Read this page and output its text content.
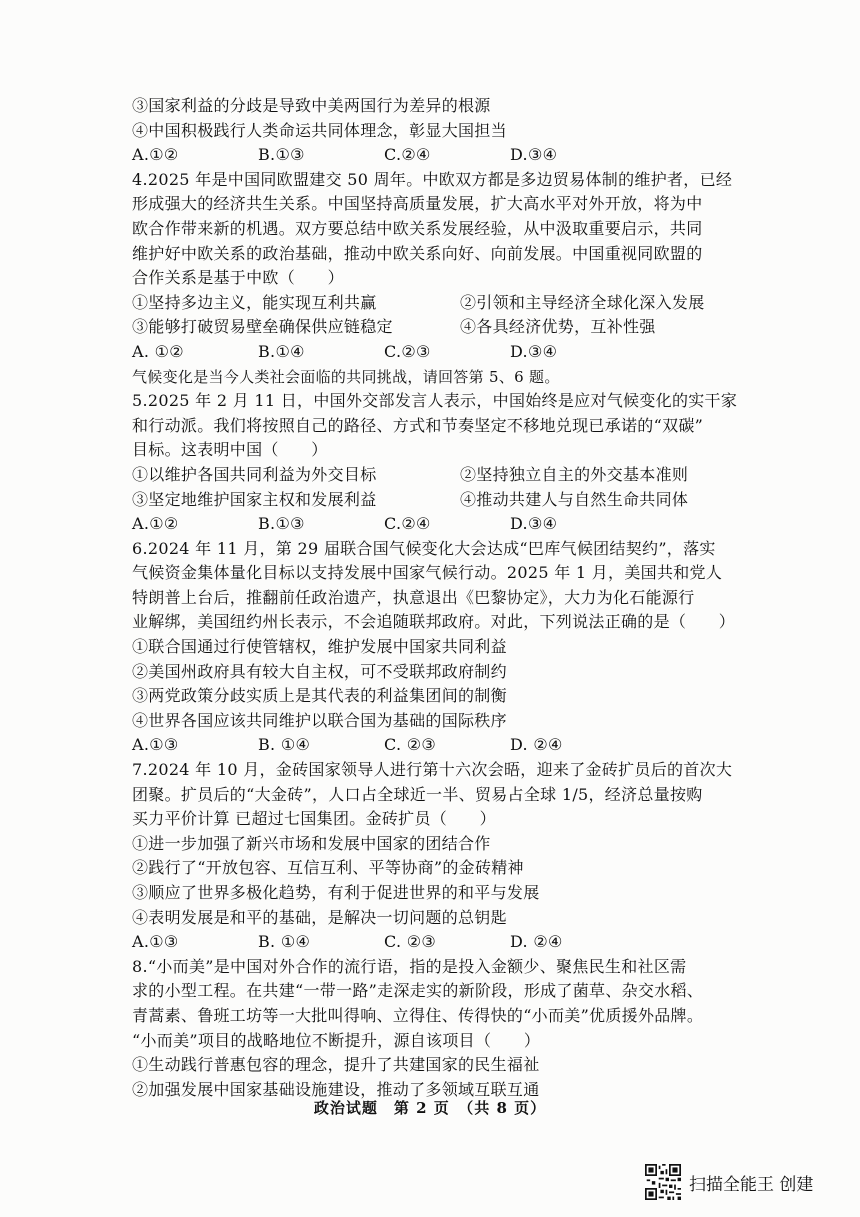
③国家利益的分歧是导致中美两国行为差异的根源
④中国积极践行人类命运共同体理念，彰显大国担当
A.①②	B.①③	C.②④	D.③④
4.2025 年是中国同欧盟建交 50 周年。中欧双方都是多边贸易体制的维护者，已经
形成强大的经济共生关系。中国坚持高质量发展，扩大高水平对外开放，将为中
欧合作带来新的机遇。双方要总结中欧关系发展经验，从中汲取重要启示，共同
维护好中欧关系的政治基础，推动中欧关系向好、向前发展。中国重视同欧盟的
合作关系是基于中欧（　　）
①坚持多边主义，能实现互利共赢	②引领和主导经济全球化深入发展
③能够打破贸易壁垒确保供应链稳定	④各具经济优势，互补性强
A. ①②	B.①④	C.②③	D.③④
气候变化是当今人类社会面临的共同挑战，请回答第 5、6 题。
5.2025 年 2 月 11 日，中国外交部发言人表示，中国始终是应对气候变化的实干家
和行动派。我们将按照自己的路径、方式和节奏坚定不移地兑现已承诺的“双碳”
目标。这表明中国（　　）
①以维护各国共同利益为外交目标	②坚持独立自主的外交基本准则
③坚定地维护国家主权和发展利益	④推动共建人与自然生命共同体
A.①②	B.①③	C.②④	D.③④
6.2024 年 11 月，第 29 届联合国气候变化大会达成“巴库气候团结契约”，落实
气候资金集体量化目标以支持发展中国家气候行动。2025 年 1 月，美国共和党人
特朗普上台后，推翻前任政治遗产，执意退出《巴黎协定》，大力为化石能源行
业解绑，美国纽约州长表示，不会追随联邦政府。对此，下列说法正确的是（　　）
①联合国通过行使管辖权，维护发展中国家共同利益
②美国州政府具有较大自主权，可不受联邦政府制约
③两党政策分歧实质上是其代表的利益集团间的制衡
④世界各国应该共同维护以联合国为基础的国际秩序
A.①③	B. ①④	C. ②③	D. ②④
7.2024 年 10 月，金砖国家领导人进行第十六次会晤，迎来了金砖扩员后的首次大
团聚。扩员后的“大金砖”，人口占全球近一半、贸易占全球 1/5，经济总量按购
买力平价计算 已超过七国集团。金砖扩员（　　）
①进一步加强了新兴市场和发展中国家的团结合作
②践行了“开放包容、互信互利、平等协商”的金砖精神
③顺应了世界多极化趋势，有利于促进世界的和平与发展
④表明发展是和平的基础，是解决一切问题的总钥匙
A.①③	B. ①④	C. ②③	D. ②④
8.“小而美”是中国对外合作的流行语，指的是投入金额少、聚焦民生和社区需
求的小型工程。在共建“一带一路”走深走实的新阶段，形成了菌草、杂交水稻、
青蒿素、鲁班工坊等一大批叫得响、立得住、传得快的“小而美”优质援外品牌。
“小而美”项目的战略地位不断提升，源自该项目（　　）
①生动践行普惠包容的理念，提升了共建国家的民生福祉
②加强发展中国家基础设施建设，推动了多领域互联互通
政治试题　第 2 页　（共 8 页）
扫描全能王 创建
